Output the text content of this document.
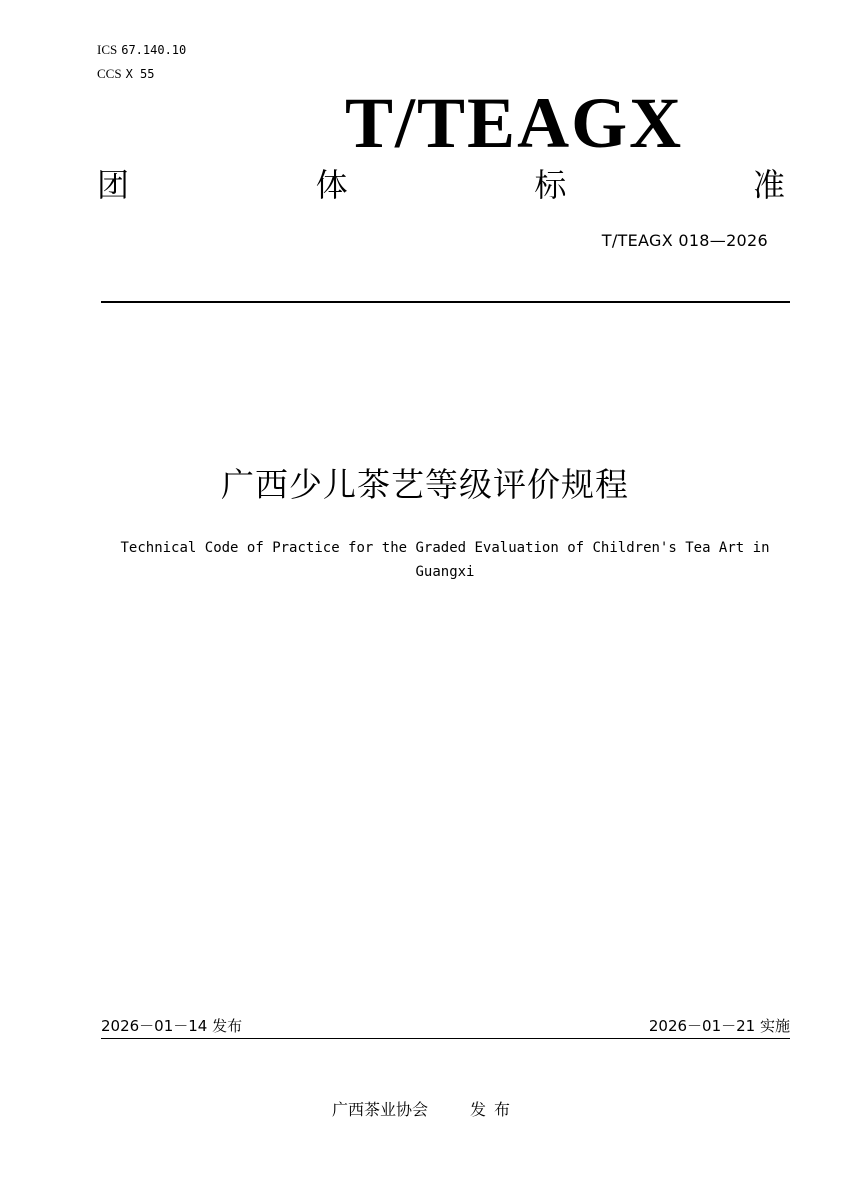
ICS 67.140.10
CCS X 55
T/TEAGX
团	体	标	准
T/TEAGX 018—2026
广西少儿茶艺等级评价规程
Technical Code of Practice for the Graded Evaluation of Children's Tea Art in Guangxi
2026－01－14 发布	2026－01－21 实施
广西茶业协会	发布
